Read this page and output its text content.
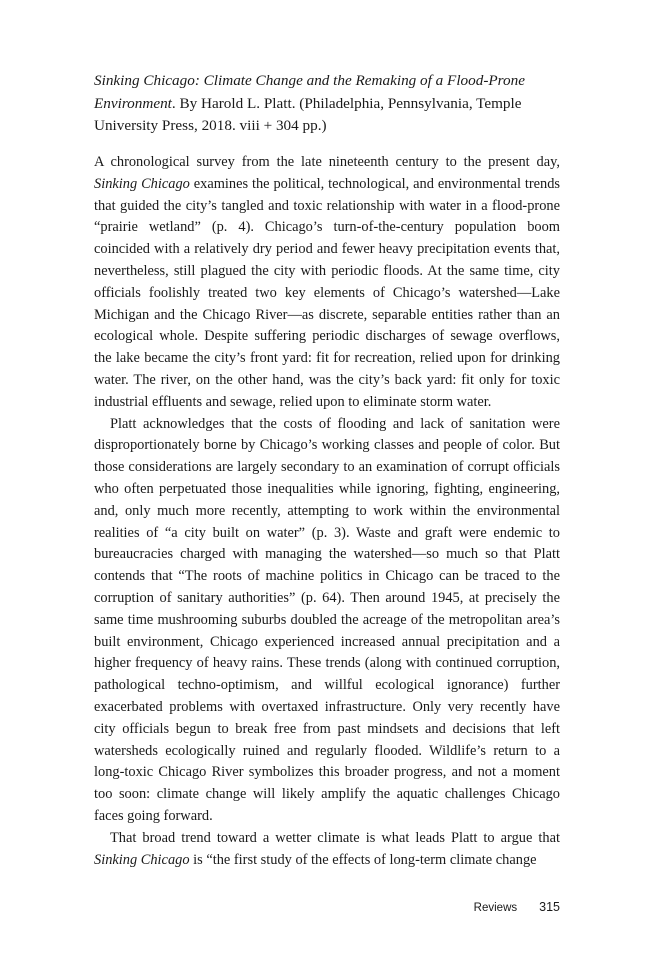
Sinking Chicago: Climate Change and the Remaking of a Flood-Prone Environment. By Harold L. Platt. (Philadelphia, Pennsylvania, Temple University Press, 2018. viii + 304 pp.)

A chronological survey from the late nineteenth century to the present day, Sinking Chicago examines the political, technological, and environmental trends that guided the city’s tangled and toxic relationship with water in a flood-prone “prairie wetland” (p. 4). Chicago’s turn-of-the-century population boom coincided with a relatively dry period and fewer heavy precipitation events that, nevertheless, still plagued the city with periodic floods. At the same time, city officials foolishly treated two key elements of Chicago’s watershed—Lake Michigan and the Chicago River—as discrete, separable entities rather than an ecological whole. Despite suffering periodic discharges of sewage overflows, the lake became the city’s front yard: fit for recreation, relied upon for drinking water. The river, on the other hand, was the city’s back yard: fit only for toxic industrial effluents and sewage, relied upon to eliminate storm water.

Platt acknowledges that the costs of flooding and lack of sanitation were disproportionately borne by Chicago’s working classes and people of color. But those considerations are largely secondary to an examination of corrupt officials who often perpetuated those inequalities while ignoring, fighting, engineering, and, only much more recently, attempting to work within the environmental realities of “a city built on water” (p. 3). Waste and graft were endemic to bureaucracies charged with managing the watershed—so much so that Platt contends that “The roots of machine politics in Chicago can be traced to the corruption of sanitary authorities” (p. 64). Then around 1945, at precisely the same time mushrooming suburbs doubled the acreage of the metropolitan area’s built environment, Chicago experienced increased annual precipitation and a higher frequency of heavy rains. These trends (along with continued corruption, pathological techno-optimism, and willful ecological ignorance) further exacerbated problems with overtaxed infrastructure. Only very recently have city officials begun to break free from past mindsets and decisions that left watersheds ecologically ruined and regularly flooded. Wildlife’s return to a long-toxic Chicago River symbolizes this broader progress, and not a moment too soon: climate change will likely amplify the aquatic challenges Chicago faces going forward.

That broad trend toward a wetter climate is what leads Platt to argue that Sinking Chicago is “the first study of the effects of long-term climate change

Reviews 315
